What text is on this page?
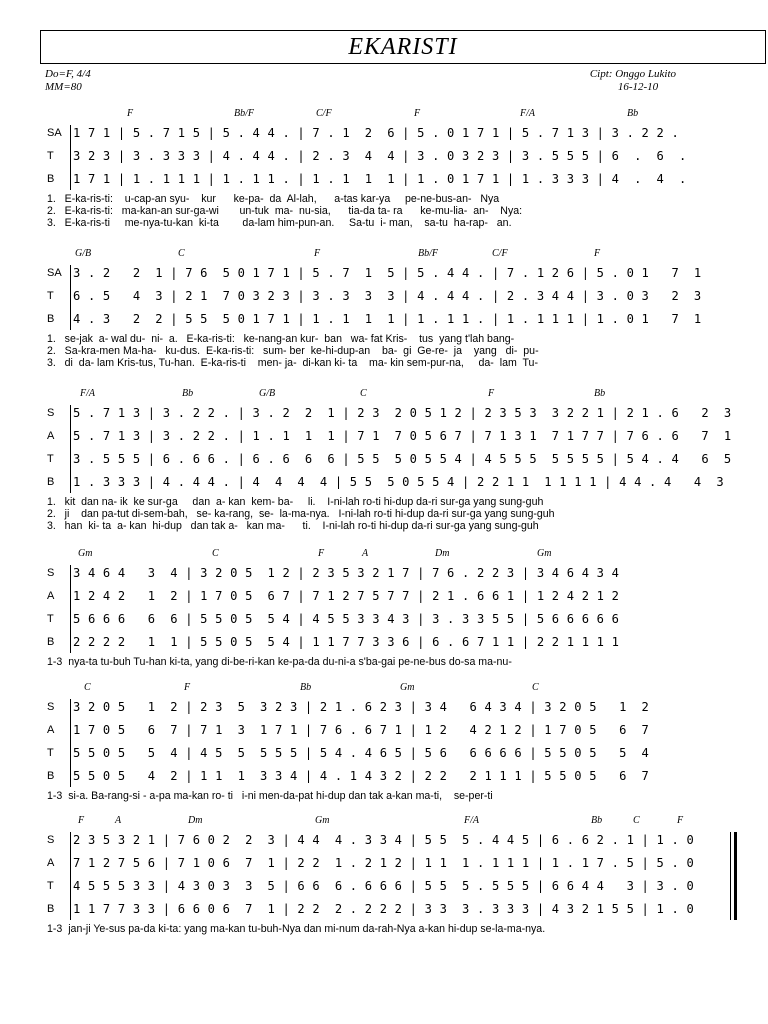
EKARISTI
Do=F, 4/4
MM=80
Cipt: Onggo Lukito
16-12-10
F	Bb/F	C/F	F	F/A	Bb
SA 1 7 1 | 5 . 7 1 5 | 5 . 4 4 . | 7 . 1  2  6 | 5 . 0 1 7 1 | 5 . 7 1 3 | 3 . 2 2 .
T 3 2 3 | 3 . 3 3 3 | 4 . 4 4 . | 2 . 3  4  4 | 3 . 0 3 2 3 | 3 . 5 5 5 | 6  .  6  .
B 1 7 1 | 1 . 1 1 1 | 1 . 1 1 . | 1 . 1  1  1 | 1 . 0 1 7 1 | 1 . 3 3 3 | 4  .  4  .
1.   E-ka-ris-ti:    u-cap-an syu-    kur      ke-pa-  da  Al-lah,      a-tas kar-ya     pe-ne-bus-an-   Nya
2.   E-ka-ris-ti:   ma-kan-an sur-ga-wi       un-tuk  ma-  nu-sia,      tia-da ta- ra      ke-mu-lia-  an-    Nya:
3.   E-ka-ris-ti     me-nya-tu-kan  ki-ta        da-lam him-pun-an.     Sa-tu  i- man,    sa-tu  ha-rap-   an.
G/B	C	F	Bb/F	C/F	F
SA 3 . 2   2  1 | 7 6  5 0 1 7 1 | 5 . 7  1  5 | 5 . 4 4 . | 7 . 1 2 6 | 5 . 0 1   7  1
T 6 . 5   4  3 | 2 1  7 0 3 2 3 | 3 . 3  3  3 | 4 . 4 4 . | 2 . 3 4 4 | 3 . 0 3   2  3
B 4 . 3   2  2 | 5 5  5 0 1 7 1 | 1 . 1  1  1 | 1 . 1 1 . | 1 . 1 1 1 | 1 . 0 1   7  1
1.   se-jak  a- wal du-  ni-  a.   E-ka-ris-ti:   ke-nang-an kur-  ban   wa- fat Kris-    tus  yang t'lah bang-
2.   Sa-kra-men Ma-ha-   ku-dus.  E-ka-ris-ti:   sum- ber  ke-hi-dup-an    ba-  gi  Ge-re-  ja    yang   di-  pu-
3.   di  da- lam Kris-tus, Tu-han.  E-ka-ris-ti    men- ja-  di-kan ki- ta    ma- kin sem-pur-na,     da-  lam  Tu-
F/A	Bb	G/B	C	F	Bb
S 5 . 7 1 3 | 3 . 2 2 . | 3 . 2  2  1 | 2 3  2 0 5 1 2 | 2 3 5 3  3 2 2 1 | 2 1 . 6   2  3
A 5 . 7 1 3 | 3 . 2 2 . | 1 . 1  1  1 | 7 1  7 0 5 6 7 | 7 1 3 1  7 1 7 7 | 7 6 . 6   7  1
T 3 . 5 5 5 | 6 . 6 6 . | 6 . 6  6  6 | 5 5  5 0 5 5 4 | 4 5 5 5  5 5 5 5 | 5 4 . 4   6  5
B 1 . 3 3 3 | 4 . 4 4 . | 4  4  4  4 | 5 5  5 0 5 5 4 | 2 2 1 1  1 1 1 1 | 4 4 . 4   4  3
1.   kit  dan na- ik  ke sur-ga     dan  a- kan  kem- ba-     li.    I-ni-lah ro-ti hi-dup da-ri sur-ga yang sung-guh
2.   ji    dan pa-tut di-sem-bah,   se- ka-rang,  se-  la-ma-nya.   I-ni-lah ro-ti hi-dup da-ri sur-ga yang sung-guh
3.   han  ki- ta  a- kan  hi-dup   dan tak a-   kan ma-      ti.    I-ni-lah ro-ti hi-dup da-ri sur-ga yang sung-guh
Gm	C	F	A	Dm	Gm
S 3 4 6 4   3  4 | 3 2 0 5  1 2 | 2 3 5 3 2 1 7 | 7 6 . 2 2 3 | 3 4 6 4 3 4
A 1 2 4 2   1  2 | 1 7 0 5  6 7 | 7 1 2 7 5 7 7 | 2 1 . 6 6 1 | 1 2 4 2 1 2
T 5 6 6 6   6  6 | 5 5 0 5  5 4 | 4 5 5 3 3 4 3 | 3 . 3 3 5 5 | 5 6 6 6 6 6
B 2 2 2 2   1  1 | 5 5 0 5  5 4 | 1 1 7 7 3 3 6 | 6 . 6 7 1 1 | 2 2 1 1 1 1
1-3  nya-ta tu-buh Tu-han ki-ta, yang di-be-ri-kan ke-pa-da du-ni-a s'ba-gai pe-ne-bus do-sa ma-nu-
C	F	Bb	Gm	C
S 3 2 0 5   1  2 | 2 3  5  3 2 3 | 2 1 . 6 2 3 | 3 4   6 4 3 4 | 3 2 0 5   1  2
A 1 7 0 5   6  7 | 7 1  3  1 7 1 | 7 6 . 6 7 1 | 1 2   4 2 1 2 | 1 7 0 5   6  7
T 5 5 0 5   5  4 | 4 5  5  5 5 5 | 5 4 . 4 6 5 | 5 6   6 6 6 6 | 5 5 0 5   5  4
B 5 5 0 5   4  2 | 1 1  1  3 3 4 | 4 . 1 4 3 2 | 2 2   2 1 1 1 | 5 5 0 5   6  7
1-3  si-a. Ba-rang-si - a-pa ma-kan ro- ti   i-ni men-da-pat hi-dup dan tak a-kan ma-ti,    se-per-ti
F	A	Dm	Gm	F/A	Bb	C	F
S 2 3 5 3 2 1 | 7 6 0 2  2  3 | 4 4  4 . 3 3 4 | 5 5  5 . 4 4 5 | 6 . 6 2 . 1 | 1 . 0
A 7 1 2 7 5 6 | 7 1 0 6  7  1 | 2 2  1 . 2 1 2 | 1 1  1 . 1 1 1 | 1 . 1 7 . 5 | 5 . 0
T 4 5 5 5 3 3 | 4 3 0 3  3  5 | 6 6  6 . 6 6 6 | 5 5  5 . 5 5 5 | 6 6 4 4   3 | 3 . 0
B 1 1 7 7 3 3 | 6 6 0 6  7  1 | 2 2  2 . 2 2 2 | 3 3  3 . 3 3 3 | 4 3 2 1 5 5 | 1 . 0
1-3  jan-ji Ye-sus pa-da ki-ta: yang ma-kan tu-buh-Nya dan mi-num da-rah-Nya a-kan hi-dup se-la-ma-nya.
